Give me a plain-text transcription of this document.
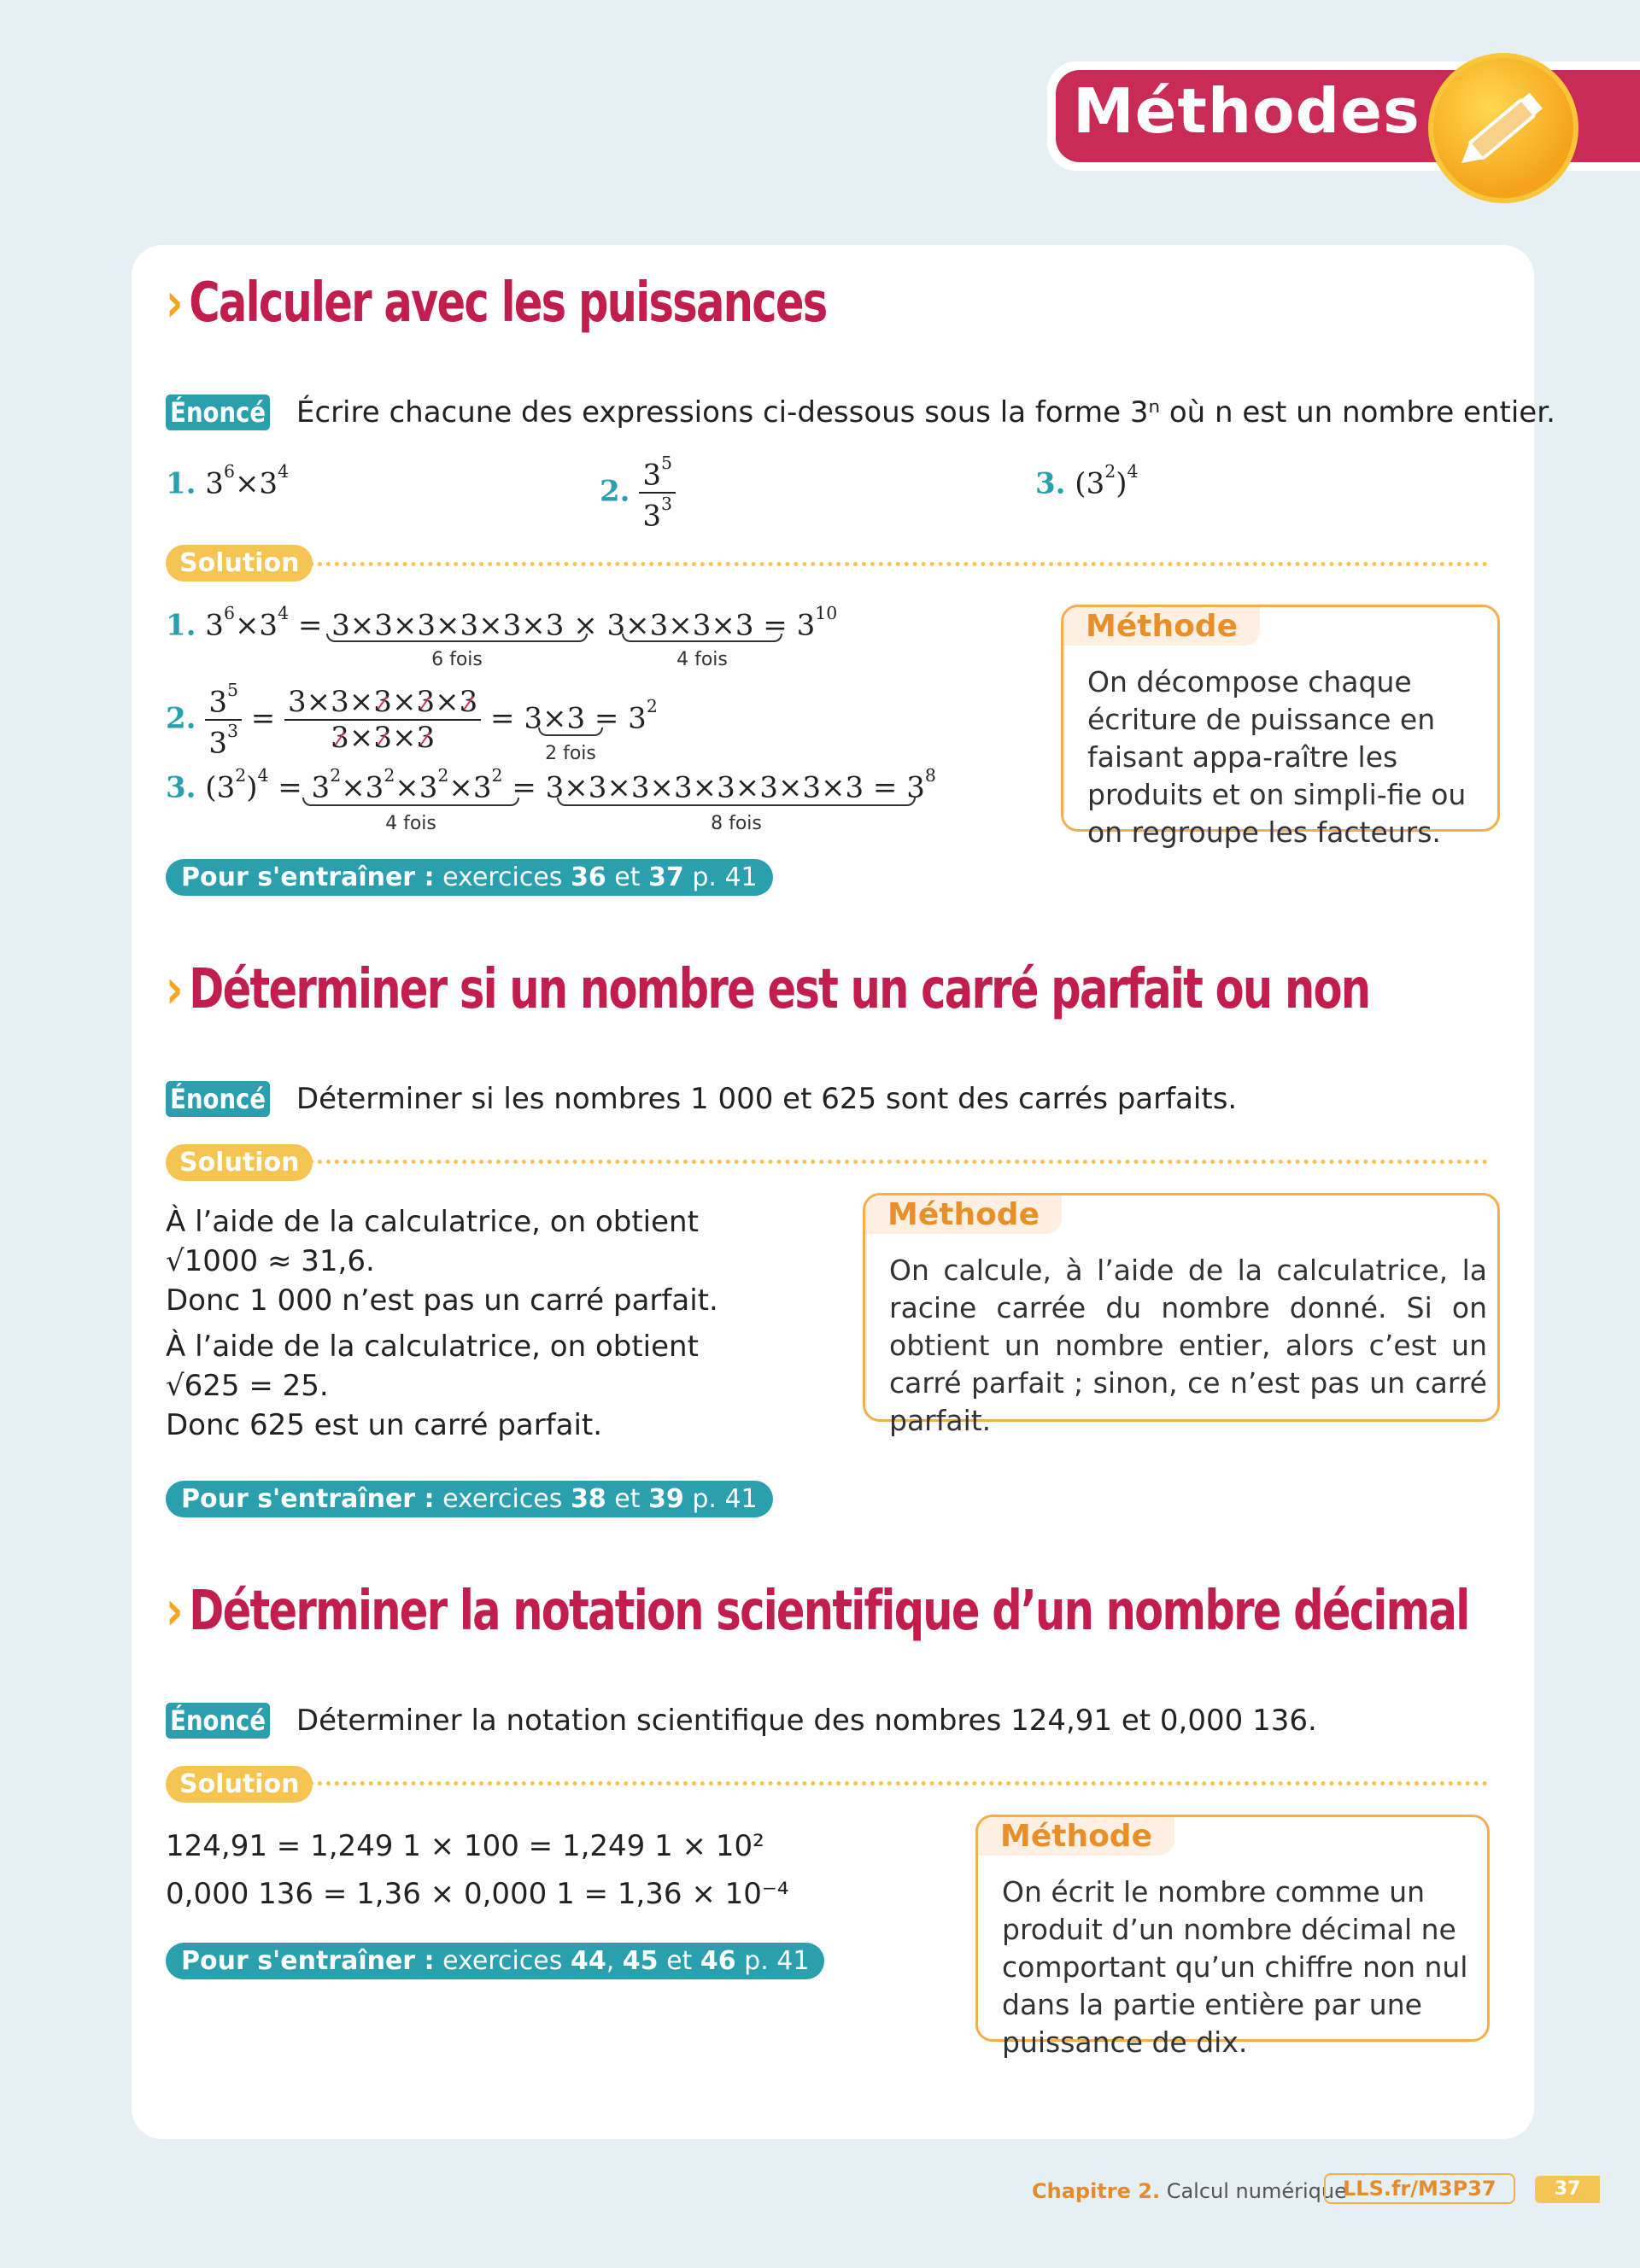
Méthodes
› Calculer avec les puissances
Énoncé Écrire chacune des expressions ci-dessous sous la forme 3ⁿ où n est un nombre entier.
1. $3^6\times 3^4$
2. $\frac{3^5}{3^3}$	3. $(3^2)^4$
Solution
1. $3^6\times 3^4 = 3\times 3\times 3\times 3\times 3\times 3 \times 3\times 3\times 3\times 3 = 3^{10}$
6 fois	4 fois
2. $\frac{3^5}{3^3} = \frac{3\times 3\times 3\times 3\times 3}{3\times 3\times 3} = 3\times 3 = 3^2$
2 fois
3. $(3^2)^4 = 3^2\times 3^2\times 3^2\times 3^2 = 3\times 3\times 3\times 3\times 3\times 3\times 3\times 3 = 3^8$
4 fois	8 fois
Méthode
On décompose chaque écriture de puissance en faisant appa-raître les produits et on simpli-fie ou on regroupe les facteurs.
Pour s'entraîner : exercices 36 et 37 p. 41
› Déterminer si un nombre est un carré parfait ou non
Énoncé Déterminer si les nombres 1 000 et 625 sont des carrés parfaits.
Solution
À l’aide de la calculatrice, on obtient
√1000 ≈ 31,6.
Donc 1 000 n’est pas un carré parfait.
À l’aide de la calculatrice, on obtient
√625 = 25.
Donc 625 est un carré parfait.
Méthode
On calcule, à l’aide de la calculatrice, la racine carrée du nombre donné. Si on obtient un nombre entier, alors c’est un carré parfait ; sinon, ce n’est pas un carré parfait.
Pour s'entraîner : exercices 38 et 39 p. 41
› Déterminer la notation scientifique d’un nombre décimal
Énoncé Déterminer la notation scientifique des nombres 124,91 et 0,000 136.
Solution
124,91 = 1,249 1 × 100 = 1,249 1 × 10²
0,000 136 = 1,36 × 0,000 1 = 1,36 × 10⁻⁴
Méthode
On écrit le nombre comme un produit d’un nombre décimal ne comportant qu’un chiffre non nul dans la partie entière par une puissance de dix.
Pour s'entraîner : exercices 44, 45 et 46 p. 41
Chapitre 2. Calcul numérique
LLS.fr/M3P37	37
